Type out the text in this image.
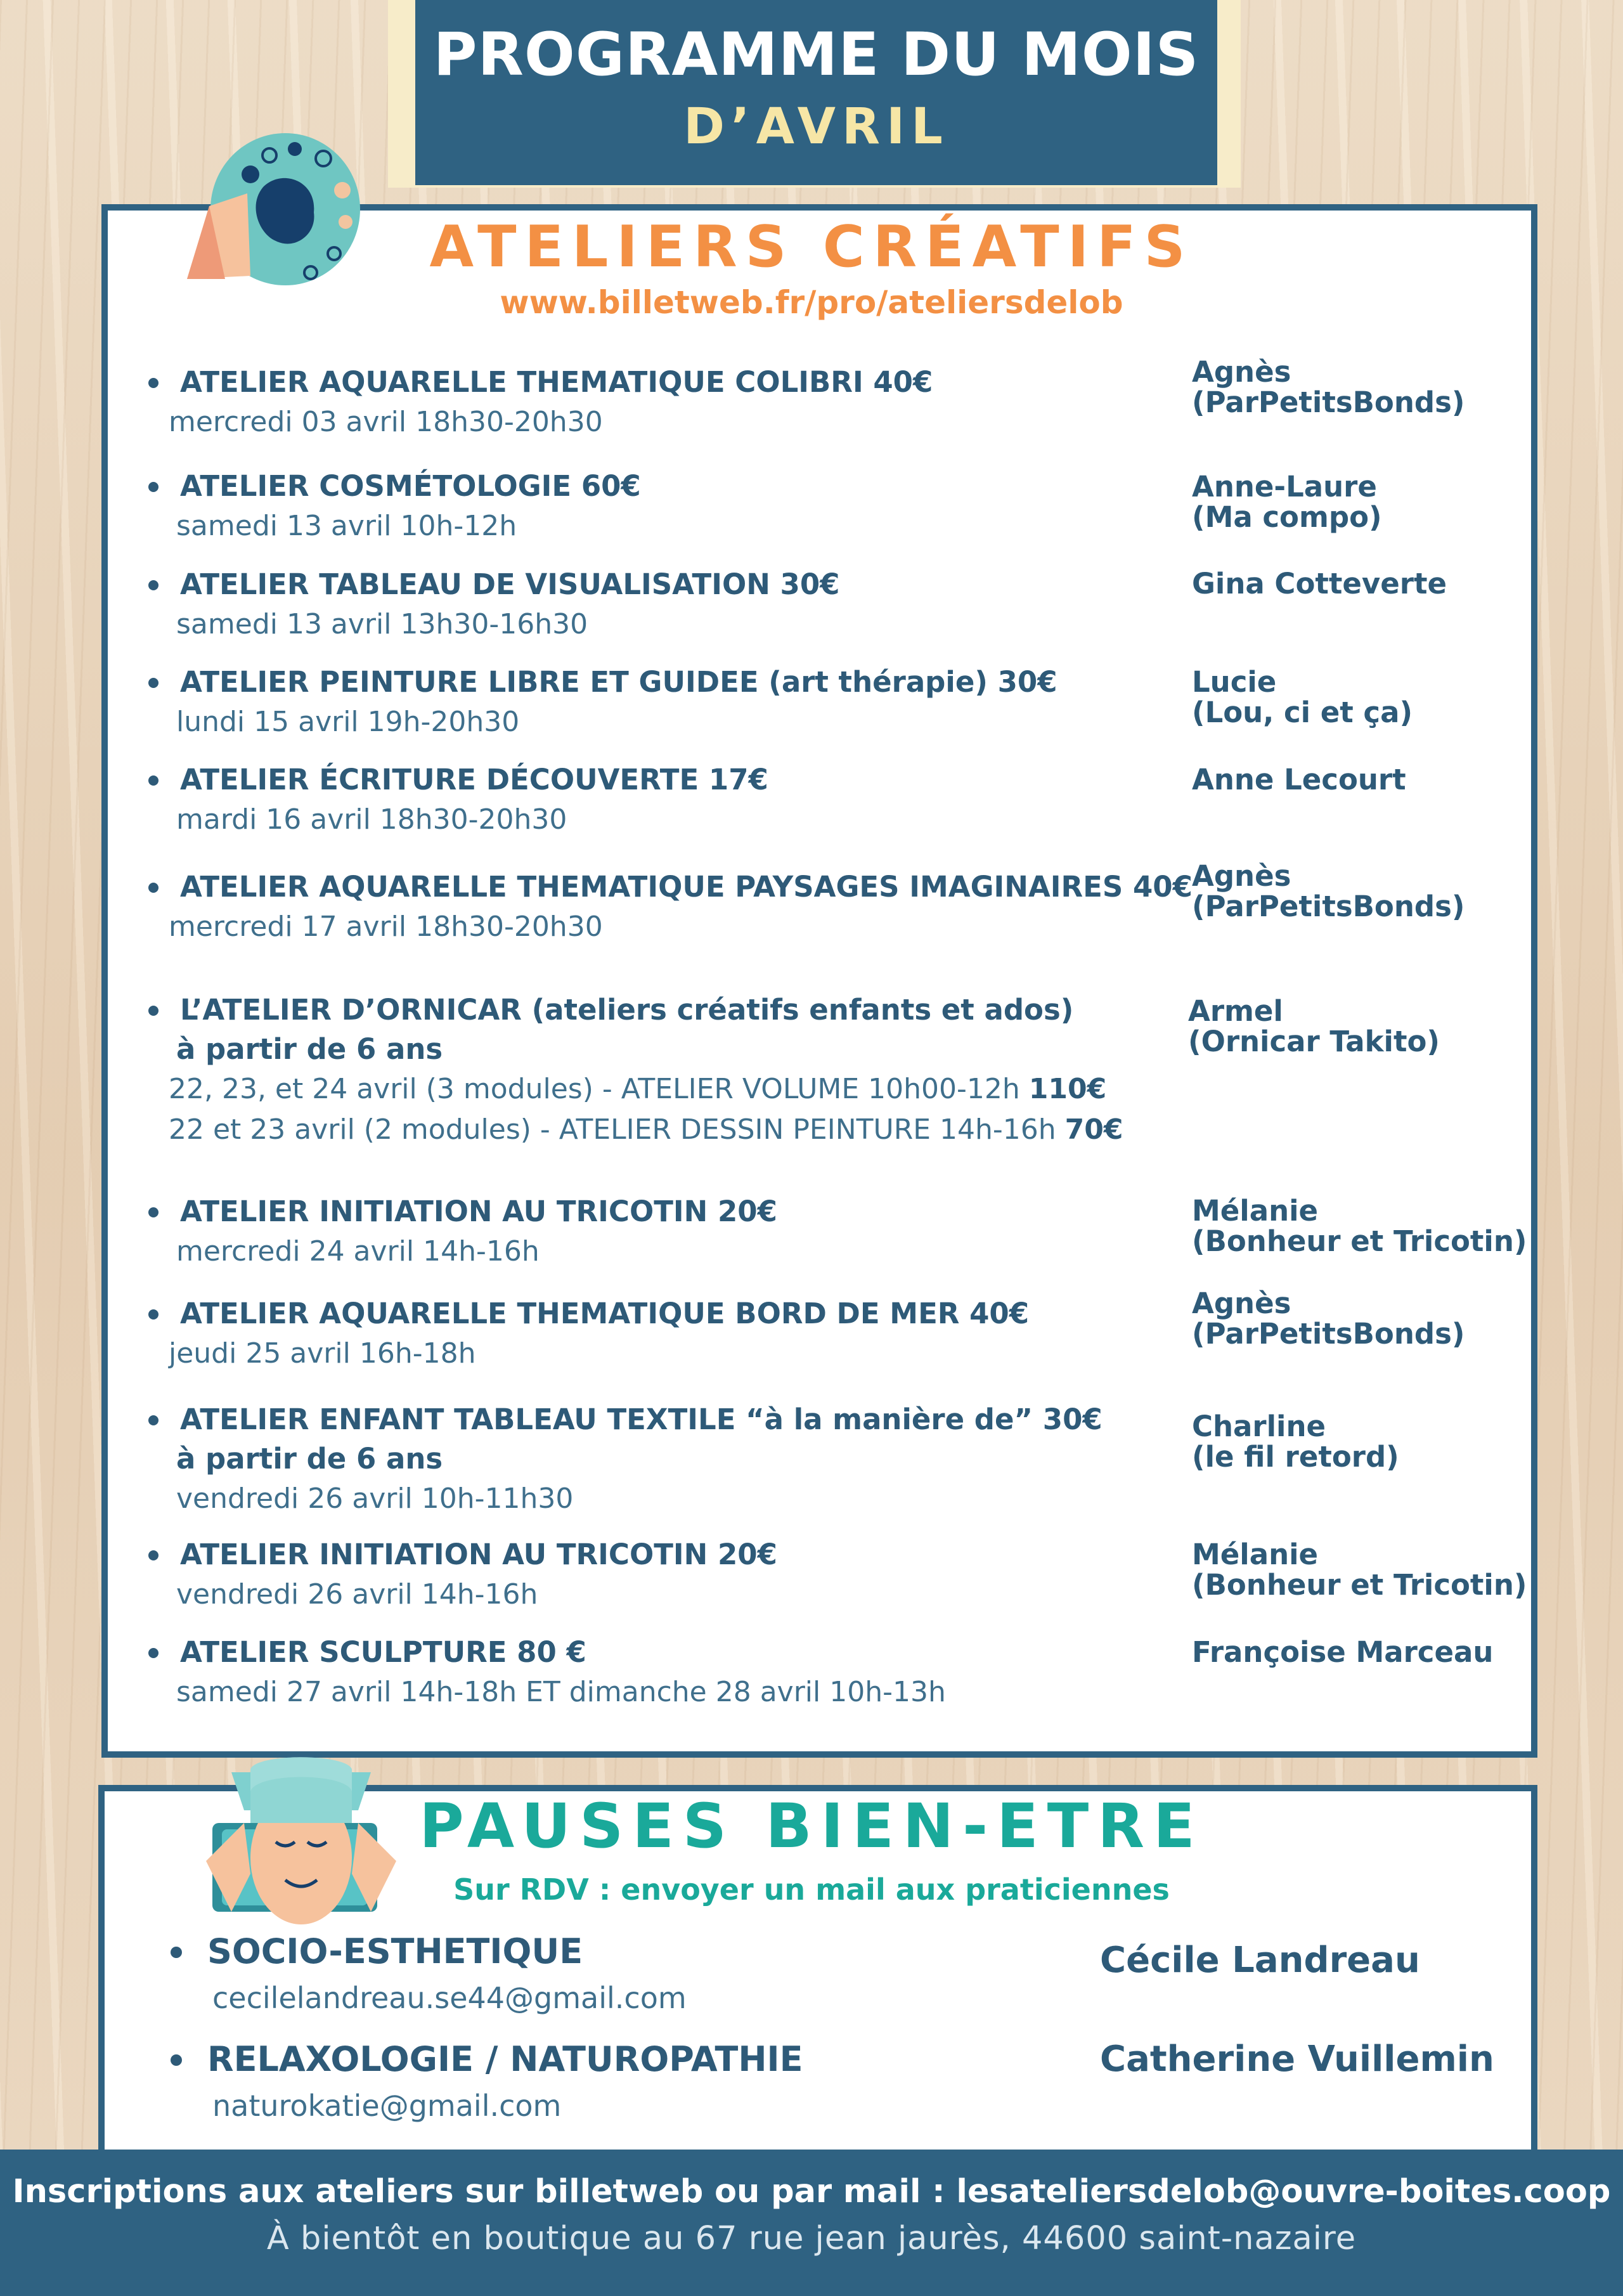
PROGRAMME DU MOIS
D’AVRIL
ATELIERS CRÉATIFS
www.billetweb.fr/pro/ateliersdelob
ATELIER AQUARELLE THEMATIQUE COLIBRI 40€
mercredi 03 avril 18h30-20h30
Agnès
(ParPetitsBonds)
ATELIER COSMÉTOLOGIE 60€
samedi 13 avril 10h-12h
Anne-Laure
(Ma compo)
ATELIER TABLEAU DE VISUALISATION 30€
samedi 13 avril 13h30-16h30
Gina Cotteverte
ATELIER PEINTURE LIBRE ET GUIDEE (art thérapie) 30€
lundi 15 avril 19h-20h30
Lucie
(Lou, ci et ça)
ATELIER ÉCRITURE DÉCOUVERTE 17€
mardi 16 avril 18h30-20h30
Anne Lecourt
ATELIER AQUARELLE THEMATIQUE PAYSAGES IMAGINAIRES 40€
mercredi 17 avril 18h30-20h30
Agnès
(ParPetitsBonds)
L’ATELIER D’ORNICAR (ateliers créatifs enfants et ados)
à partir de 6 ans
22, 23, et 24 avril (3 modules) - ATELIER VOLUME 10h00-12h 110€
22 et 23 avril (2 modules) - ATELIER DESSIN PEINTURE 14h-16h 70€
Armel
(Ornicar Takito)
ATELIER INITIATION AU TRICOTIN 20€
mercredi 24 avril 14h-16h
Mélanie
(Bonheur et Tricotin)
ATELIER AQUARELLE THEMATIQUE BORD DE MER 40€
jeudi 25 avril 16h-18h
Agnès
(ParPetitsBonds)
ATELIER ENFANT TABLEAU TEXTILE “à la manière de” 30€
à partir de 6 ans
vendredi 26 avril 10h-11h30
Charline
(le fil retord)
ATELIER INITIATION AU TRICOTIN 20€
vendredi 26 avril 14h-16h
Mélanie
(Bonheur et Tricotin)
ATELIER SCULPTURE 80 €
samedi 27 avril 14h-18h ET dimanche 28 avril 10h-13h
Françoise Marceau
PAUSES BIEN-ETRE
Sur RDV : envoyer un mail aux praticiennes
SOCIO-ESTHETIQUE
cecilelandreau.se44@gmail.com
Cécile Landreau
RELAXOLOGIE / NATUROPATHIE
naturokatie@gmail.com
Catherine Vuillemin
Inscriptions aux ateliers sur billetweb ou par mail : lesateliersdelob@ouvre-boites.coop
À bientôt en boutique au 67 rue jean jaurès, 44600 saint-nazaire
